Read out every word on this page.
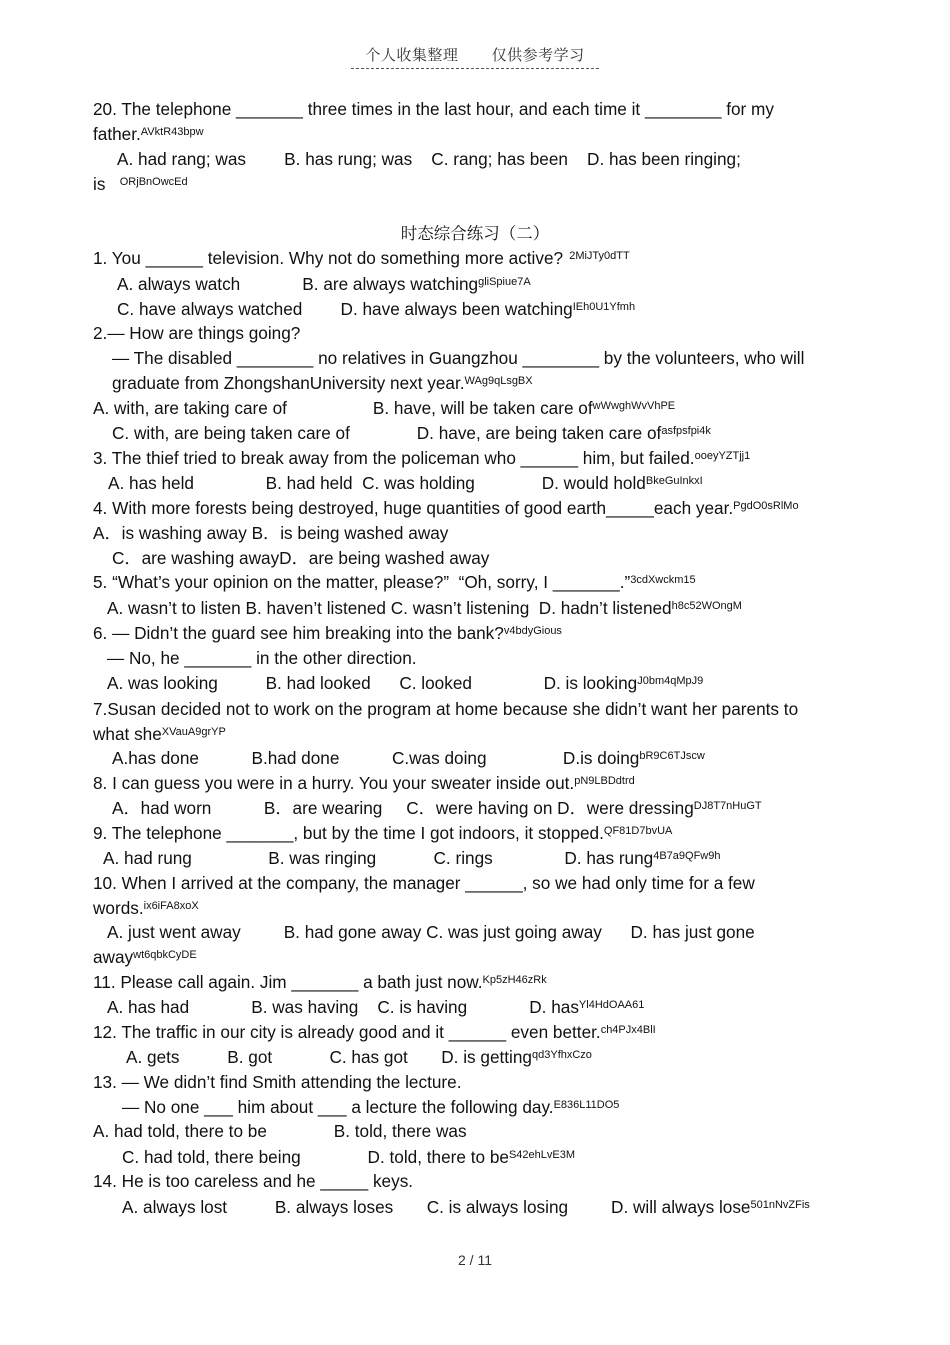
个人收集整理 仅供参考学习
20. The telephone _______ three times in the last hour, and each time it ________ for my
father.$^{AVktR43bpw}$
A. had rang; was        B. has rung; was    C. rang; has been    D. has been ringing;
is   $^{ORjBnOwcEd}$
1. You ______ television. Why not do something more active?  $^{2MiJTy0dTT}$
A. always watch             B. are always watching$^{gliSpiue7A}$
C. have always watched        D. have always been watching$^{IEh0U1Yfmh}$
2.— How are things going?
— The disabled ________ no relatives in Guangzhou ________ by the volunteers, who will
graduate from ZhongshanUniversity next year.$^{WAg9qLsgBX}$
A. with, are taking care of                  B. have, will be taken care $of^{wWwghWvVhPE}$
C. with, are being taken care of              D. have, are being taken care $of^{asfpsfpi4k}$
3. The thief tried to break away from the policeman who ______ him, but failed.$^{ooeyYZTjj1}$
A. has held               B. had held  C. was holding              D. would hold$^{BkeGuInkxI}$
4. With more forests being destroyed, huge quantities of good earth_____each year.$^{PgdO0sRlMo}$
A．is washing away B．is being washed away
C．are washing awayD．are being washed away
5. “What’s your opinion on the matter, please?”  “Oh, sorry, I _______.”$^{3cdXwckm15}$
A. wasn’t to listen B. haven’t listened C. wasn’t listening  D. hadn’t listened$^{h8c52WOngM}$
6. — Didn’t the guard see him breaking into the bank?$^{v4bdyGious}$
— No, he _______ in the other direction.
A. was looking          B. had looked      C. looked               D. is looking$^{J0bm4qMpJ9}$
7.Susan decided not to work on the program at home because she didn’t want her parents to
what she$^{XVauA9grYP}$
A.has done           B.had done           C.was doing                D.is doing$^{bR9C6TJscw}$
8. I can guess you were in a hurry. You your sweater inside out.$^{pN9LBDdtrd}$
A．had worn           B．are wearing     C．were having on D．were dressing$^{DJ8T7nHuGT}$
9. The telephone _______, but by the time I got indoors, it stopped.$^{QF81D7bvUA}$
A. had rung                B. was ringing            C. rings               D. has rung$^{4B7a9QFw9h}$
10. When I arrived at the company, the manager ______, so we had only time for a few
words.$^{ix6iFA8xoX}$
A. just went away         B. had gone away C. was just going away      D. has just gone
away$^{wt6qbkCyDE}$
11. Please call again. Jim _______ a bath just now.$^{Kp5zH46zRk}$
A. has had             B. was having    C. is having             D. has$^{Yl4HdOAA61}$
12. The traffic in our city is already good and it ______ even better.$^{ch4PJx4BlI}$
A. gets          B. got            C. has got       D. is getting$^{qd3YfhxCzo}$
13. — We didn’t find Smith attending the lecture.
— No one ___ him about ___ a lecture the following day.$^{E836L11DO5}$
A. had told, there to be              B. told, there was
C. had told, there being              D. told, there to $be^{S42ehLvE3M}$
14. He is too careless and he _____ keys.
A. always lost          B. always loses       C. is always losing         D. will always lose$^{501nNvZFis}$
时态综合练习（二）
2 / 11
